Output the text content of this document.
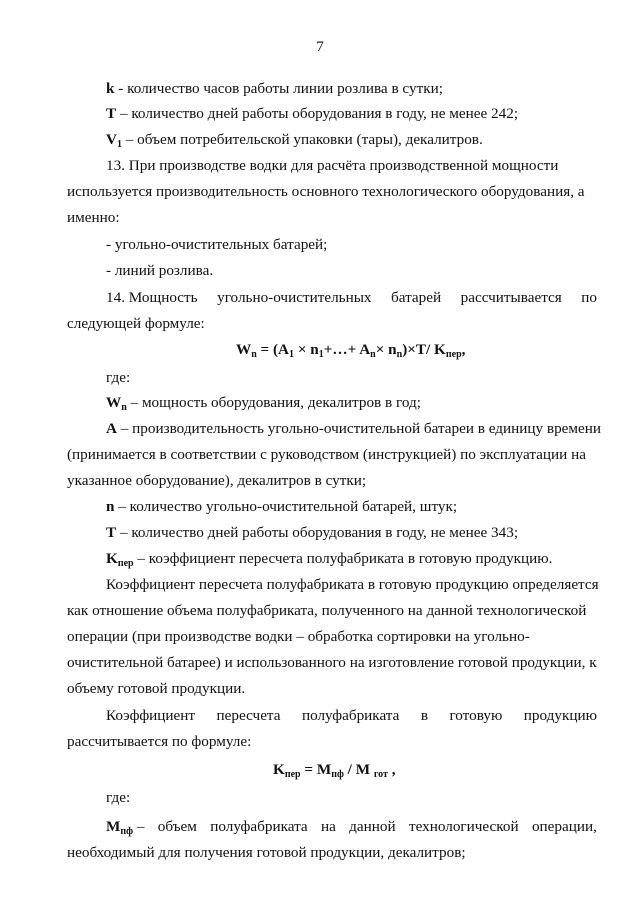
7
k - количество часов работы линии розлива в сутки;
T – количество дней работы оборудования в году, не менее 242;
$V_1$ – объем потребительской упаковки (тары), декалитров.
13. При производстве водки для расчёта производственной мощности
используется производительность основного технологического оборудования, а
именно:
- угольно-очистительных батарей;
- линий розлива.
14. Мощность угольно-очистительных батарей рассчитывается по
следующей формуле:
$W_n = (A_1$ × $n_1+\dots+ A_n\times n_n)\times T/$ $K_{пер}$,
где:
$W_n$ – мощность оборудования, декалитров в год;
A – производительность угольно-очистительной батареи в единицу времени
(принимается в соответствии с руководством (инструкцией) по эксплуатации на
указанное оборудование), декалитров в сутки;
n – количество угольно-очистительной батарей, штук;
T – количество дней работы оборудования в году, не менее 343;
$K_{пер}$ – коэффициент пересчета полуфабриката в готовую продукцию.
Коэффициент пересчета полуфабриката в готовую продукцию определяется
как отношение объема полуфабриката, полученного на данной технологической
операции (при производстве водки – обработка сортировки на угольно-
очистительной батарее) и использованного на изготовление готовой продукции, к
объему готовой продукции.
Коэффициент пересчета полуфабриката в готовую продукцию
рассчитывается по формуле:
$K_{пер} = M_{пф} / M$ $_{гот}$ ,
где:
$M_{пф}$ – объем полуфабриката на данной технологической операции,
необходимый для получения готовой продукции, декалитров;
